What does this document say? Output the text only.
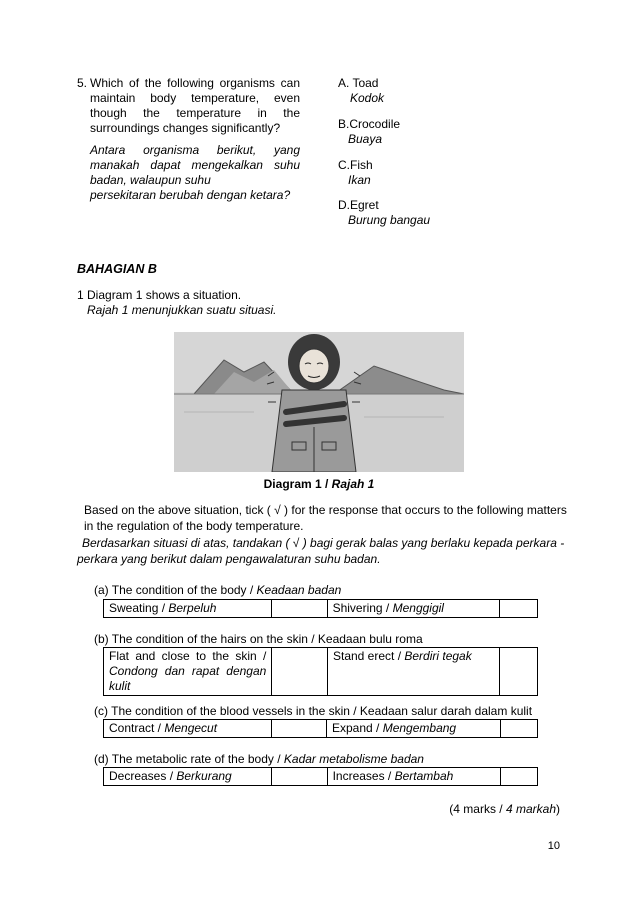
5. Which of the following organisms can
maintain body temperature, even
though the temperature in the
surroundings changes significantly?
Antara organisma berikut, yang
manakah dapat mengekalkan suhu
badan, walaupun suhu
persekitaran berubah dengan ketara?
A. Toad
Kodok
B.Crocodile
Buaya
C.Fish
Ikan
D.Egret
Burung bangau
BAHAGIAN B
1 Diagram 1 shows a situation.
Rajah 1 menunjukkan suatu situasi.
Diagram 1 / Rajah 1
Based on the above situation, tick ( √ ) for the response that occurs to the following matters
in the regulation of the body temperature.
Berdasarkan situasi di atas, tandakan ( √ ) bagi gerak balas yang berlaku kepada perkara -
perkara yang berikut dalam pengawalaturan suhu badan.
(a) The condition of the body / Keadaan badan
Sweating / Berpeluh		Shivering / Menggigil	
(b) The condition of the hairs on the skin / Keadaan bulu roma
Flat and close to the skin /
Condong dan rapat dengan
kulit
		Stand erect / Berdiri tegak	
(c) The condition of the blood vessels in the skin / Keadaan salur darah dalam kulit
Contract / Mengecut		Expand / Mengembang	
(d) The metabolic rate of the body / Kadar metabolisme badan
Decreases / Berkurang		Increases / Bertambah	
(4 marks / 4 markah)
10
